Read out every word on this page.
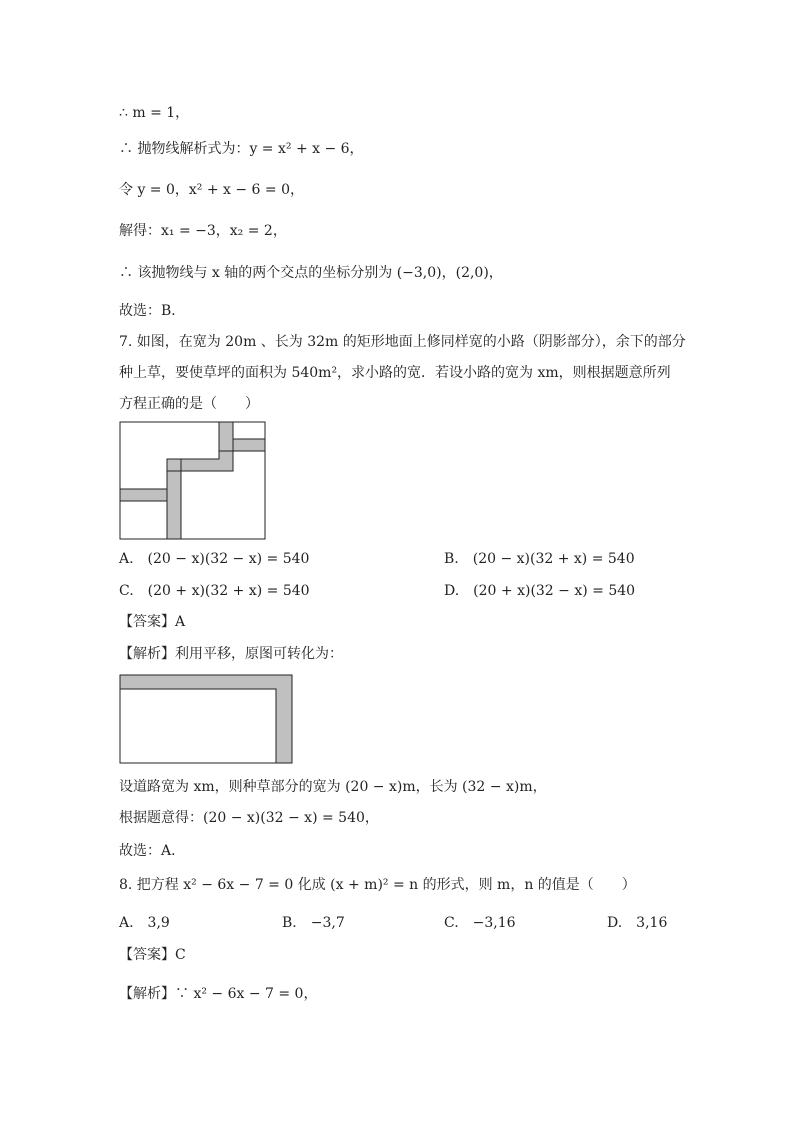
∴ m = 1，
∴ 抛物线解析式为：y = x² + x − 6，
令 y = 0，x² + x − 6 = 0，
解得：x₁ = −3，x₂ = 2，
∴ 该抛物线与 x 轴的两个交点的坐标分别为 (−3,0)，(2,0)，
故选：B．
7. 如图，在宽为 20m 、长为 32m 的矩形地面上修同样宽的小路（阴影部分），余下的部分
种上草，要使草坪的面积为 540m²，求小路的宽．若设小路的宽为 xm，则根据题意所列
方程正确的是（　　）
A.　(20 − x)(32 − x) = 540	B.　(20 − x)(32 + x) = 540
C.　(20 + x)(32 + x) = 540	D.　(20 + x)(32 − x) = 540
【答案】A
【解析】利用平移，原图可转化为：
设道路宽为 xm，则种草部分的宽为 (20 − x)m，长为 (32 − x)m，
根据题意得：(20 − x)(32 − x) = 540，
故选：A．
8. 把方程 x² − 6x − 7 = 0 化成 (x + m)² = n 的形式，则 m，n 的值是（　　）
A.　3,9	B.　−3,7	C.　−3,16	D.　3,16
【答案】C
【解析】∵ x² − 6x − 7 = 0，
